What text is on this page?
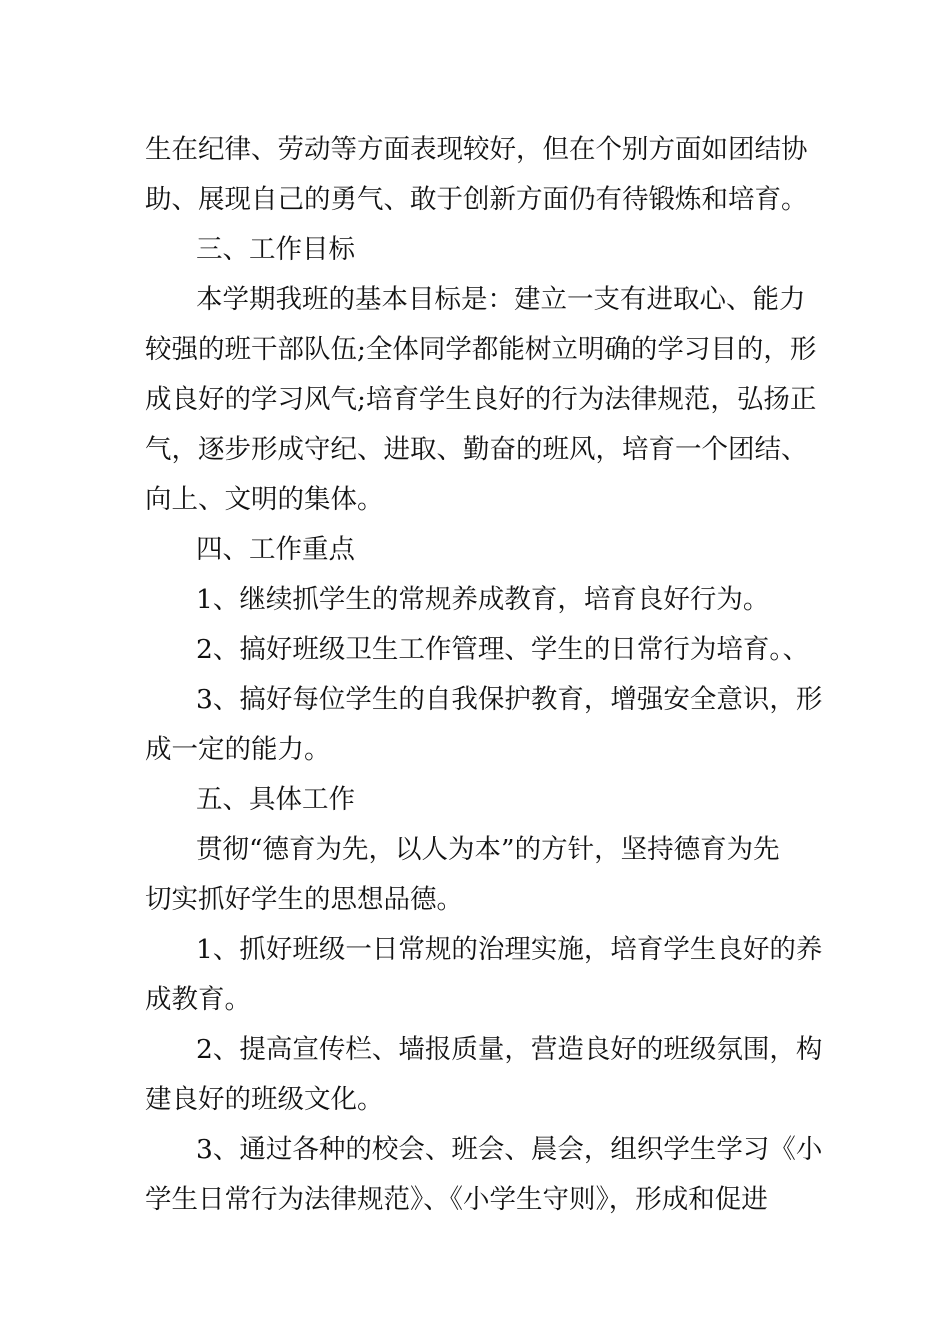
生在纪律、劳动等方面表现较好，但在个别方面如团结协
助、展现自己的勇气、敢于创新方面仍有待锻炼和培育。
三、工作目标
本学期我班的基本目标是：建立一支有进取心、能力
较强的班干部队伍;全体同学都能树立明确的学习目的，形
成良好的学习风气;培育学生良好的行为法律规范，弘扬正
气，逐步形成守纪、进取、勤奋的班风，培育一个团结、
向上、文明的集体。
四、工作重点
1、继续抓学生的常规养成教育，培育良好行为。
2、搞好班级卫生工作管理、学生的日常行为培育。、
3、搞好每位学生的自我保护教育，增强安全意识，形
成一定的能力。
五、具体工作
贯彻“德育为先，以人为本”的方针，坚持德育为先
切实抓好学生的思想品德。
1、抓好班级一日常规的治理实施，培育学生良好的养
成教育。
2、提高宣传栏、墙报质量，营造良好的班级氛围，构
建良好的班级文化。
3、通过各种的校会、班会、晨会，组织学生学习《小
学生日常行为法律规范》、《小学生守则》，形成和促进
